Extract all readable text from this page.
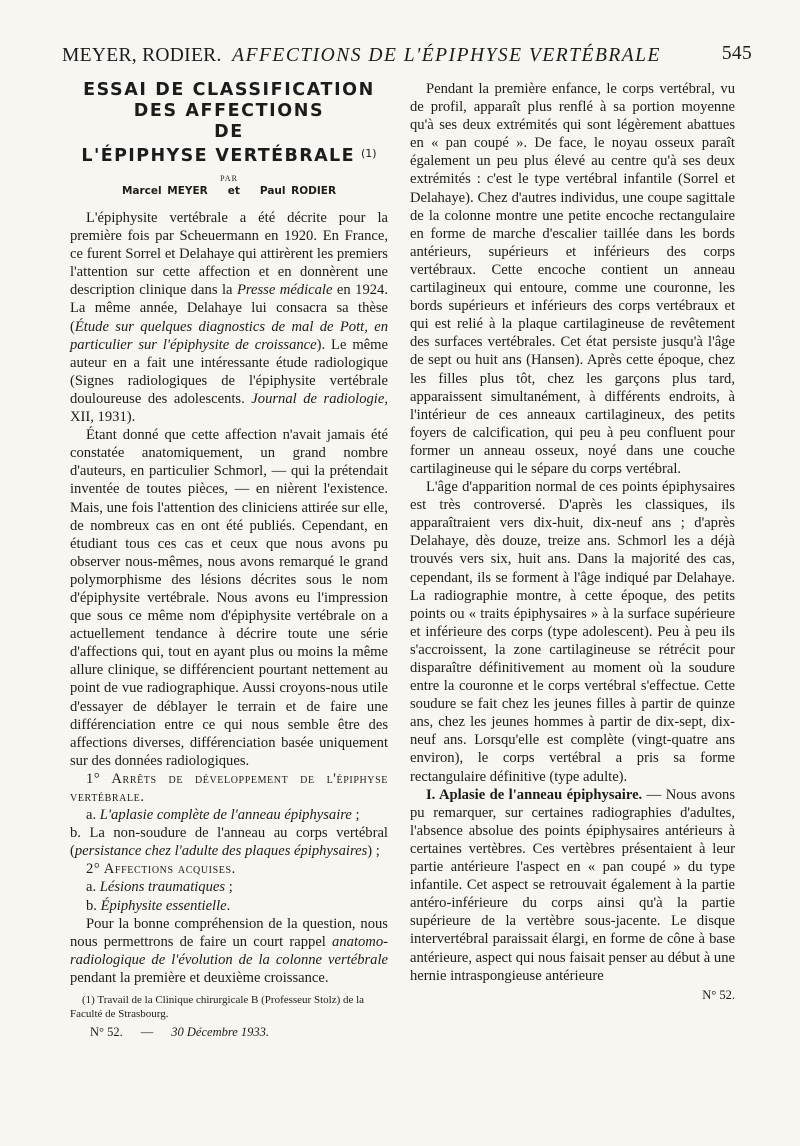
MEYER, RODIER. AFFECTIONS DE L'ÉPIPHYSE VERTÉBRALE	545
ESSAI DE CLASSIFICATION
DES AFFECTIONS
DE
L'ÉPIPHYSE VERTÉBRALE $^{(1)}$
PAR
Marcel MEYER et Paul RODIER

L'épiphysite vertébrale a été décrite pour la première fois par Scheuermann en 1920. En France, ce furent Sorrel et Delahaye qui attirèrent les premiers l'attention sur cette affection et en donnèrent une description clinique dans la Presse médicale en 1924. La même année, Delahaye lui consacra sa thèse (Étude sur quelques diagnostics de mal de Pott, en particulier sur l'épiphysite de croissance). Le même auteur en a fait une intéressante étude radiologique (Signes radiologiques de l'épiphysite vertébrale douloureuse des adolescents. Journal de radiologie, XII, 1931).

Étant donné que cette affection n'avait jamais été constatée anatomiquement, un grand nombre d'auteurs, en particulier Schmorl, — qui la prétendait inventée de toutes pièces, — en nièrent l'existence. Mais, une fois l'attention des cliniciens attirée sur elle, de nombreux cas en ont été publiés. Cependant, en étudiant tous ces cas et ceux que nous avons pu observer nous-mêmes, nous avons remarqué le grand polymorphisme des lésions décrites sous le nom d'épiphysite vertébrale. Nous avons eu l'impression que sous ce même nom d'épiphysite vertébrale on a actuellement tendance à décrire toute une série d'affections qui, tout en ayant plus ou moins la même allure clinique, se différencient pourtant nettement au point de vue radiographique. Aussi croyons-nous utile d'essayer de déblayer le terrain et de faire une différenciation entre ce qui nous semble être des affections diverses, différenciation basée uniquement sur des données radiologiques.

1° Arrêts de développement de l'épiphyse vertébrale.

a. L'aplasie complète de l'anneau épiphysaire ;

b. La non-soudure de l'anneau au corps vertébral (persistance chez l'adulte des plaques épiphysaires) ;

2° Affections acquises.

a. Lésions traumatiques ;

b. Épiphysite essentielle.

Pour la bonne compréhension de la question, nous nous permettrons de faire un court rappel anatomo-radiologique de l'évolution de la colonne vertébrale pendant la première et deuxième croissance.

(1) Travail de la Clinique chirurgicale B (Professeur Stolz) de la Faculté de Strasbourg.

N° 52. — 30 Décembre 1933.

Pendant la première enfance, le corps vertébral, vu de profil, apparaît plus renflé à sa portion moyenne qu'à ses deux extrémités qui sont légèrement abattues en « pan coupé ». De face, le noyau osseux paraît également un peu plus élevé au centre qu'à ses deux extrémités : c'est le type vertébral infantile (Sorrel et Delahaye). Chez d'autres individus, une coupe sagittale de la colonne montre une petite encoche rectangulaire en forme de marche d'escalier taillée dans les bords antérieurs, supérieurs et inférieurs des corps vertébraux. Cette encoche contient un anneau cartilagineux qui entoure, comme une couronne, les bords supérieurs et inférieurs des corps vertébraux et qui est relié à la plaque cartilagineuse de revêtement des surfaces vertébrales. Cet état persiste jusqu'à l'âge de sept ou huit ans (Hansen). Après cette époque, chez les filles plus tôt, chez les garçons plus tard, apparaissent simultanément, à différents endroits, à l'intérieur de ces anneaux cartilagineux, des petits foyers de calcification, qui peu à peu confluent pour former un anneau osseux, noyé dans une couche cartilagineuse qui le sépare du corps vertébral.

L'âge d'apparition normal de ces points épiphysaires est très controversé. D'après les classiques, ils apparaîtraient vers dix-huit, dix-neuf ans ; d'après Delahaye, dès douze, treize ans. Schmorl les a déjà trouvés vers six, huit ans. Dans la majorité des cas, cependant, ils se forment à l'âge indiqué par Delahaye. La radiographie montre, à cette époque, des petits points ou « traits épiphysaires » à la surface supérieure et inférieure des corps (type adolescent). Peu à peu ils s'accroissent, la zone cartilagineuse se rétrécit pour disparaître définitivement au moment où la soudure entre la couronne et le corps vertébral s'effectue. Cette soudure se fait chez les jeunes filles à partir de quinze ans, chez les jeunes hommes à partir de dix-sept, dix-neuf ans. Lorsqu'elle est complète (vingt-quatre ans environ), le corps vertébral a pris sa forme rectangulaire définitive (type adulte).

I. Aplasie de l'anneau épiphysaire. — Nous avons pu remarquer, sur certaines radiographies d'adultes, l'absence absolue des points épiphysaires antérieurs à certaines vertèbres. Ces vertèbres présentaient à leur partie antérieure l'aspect en « pan coupé » du type infantile. Cet aspect se retrouvait également à la partie antéro-inférieure du corps ainsi qu'à la partie supérieure de la vertèbre sous-jacente. Le disque intervertébral paraissait élargi, en forme de cône à base antérieure, aspect qui nous faisait penser au début à une hernie intraspongieuse antérieure

N° 52.
